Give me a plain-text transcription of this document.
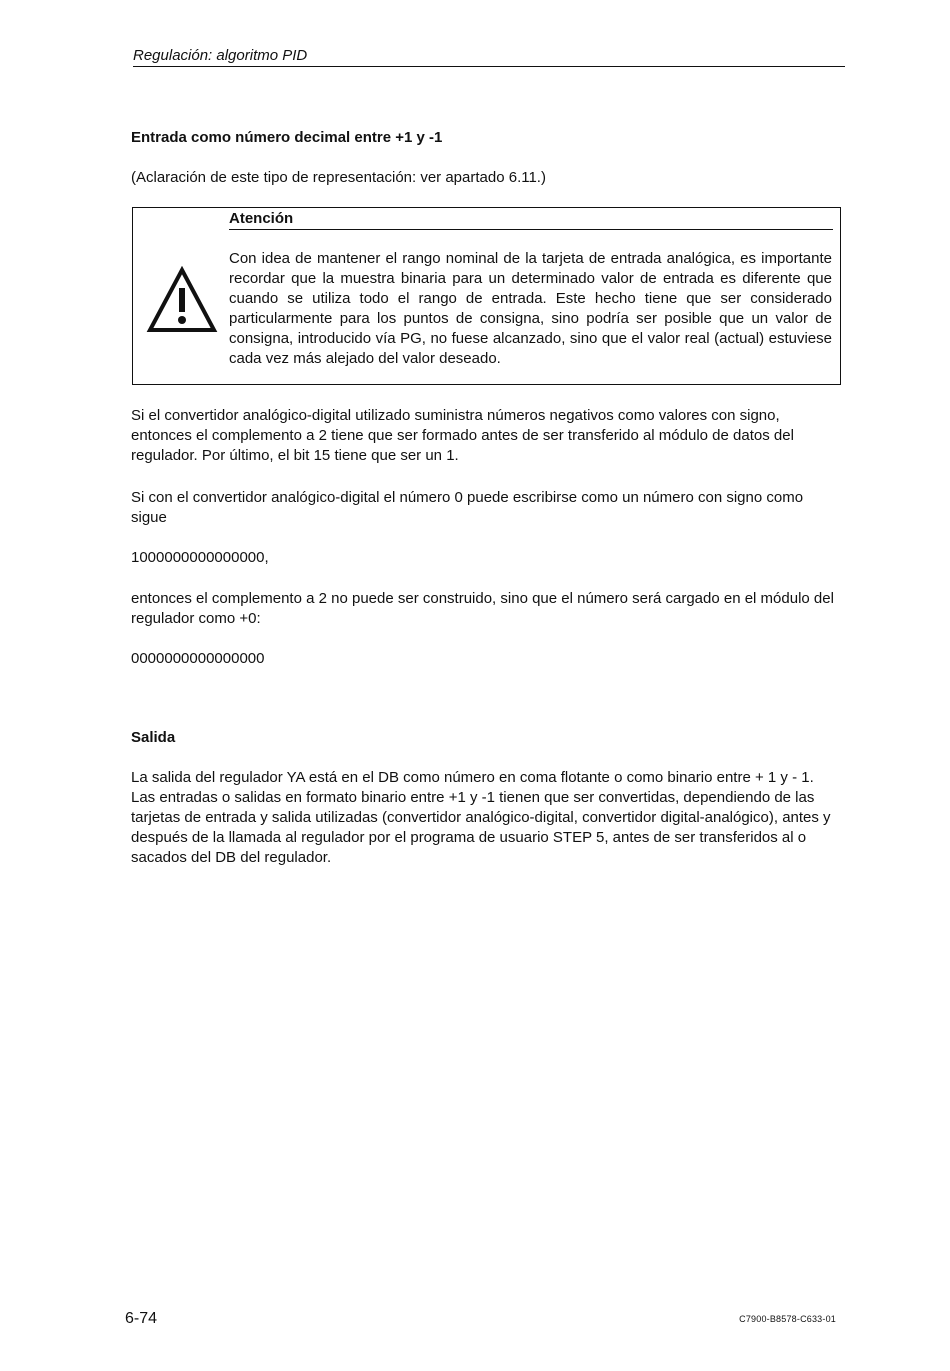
Regulación: algoritmo PID

Entrada como número decimal entre +1 y -1

(Aclaración de este tipo de representación: ver apartado 6.11.)

Atención

Con idea de mantener el rango nominal de la tarjeta de entrada analógica, es importante recordar que la muestra binaria para un determinado valor de entrada es diferente que cuando se utiliza todo el rango de entrada. Este hecho tiene que ser considerado particularmente para los puntos de consigna, sino podría ser posible que un valor de consigna, introducido vía PG, no fuese alcanzado, sino que el valor real (actual) estuviese cada vez más alejado del valor deseado.

Si el convertidor analógico-digital utilizado suministra números negativos como valores con signo, entonces el complemento a 2 tiene que ser formado antes de ser transferido al módulo de datos del regulador. Por último, el bit 15 tiene que ser un 1.

Si con el convertidor analógico-digital el número 0 puede escribirse como un número con signo como sigue

1000000000000000,

entonces el complemento a 2 no puede ser construido, sino que el número será cargado en el módulo del regulador como +0:

0000000000000000

Salida

La salida del regulador YA está en el DB como número en coma flotante o como binario entre + 1 y - 1. Las entradas o salidas en formato binario entre +1 y -1 tienen que ser convertidas, dependiendo de las tarjetas de entrada y salida utilizadas (convertidor analógico-digital, convertidor digital-analógico), antes y después de la llamada al regulador por el programa de usuario STEP 5, antes de ser transferidos al o sacados del DB del regulador.

6-74	C7900-B8578-C633-01
